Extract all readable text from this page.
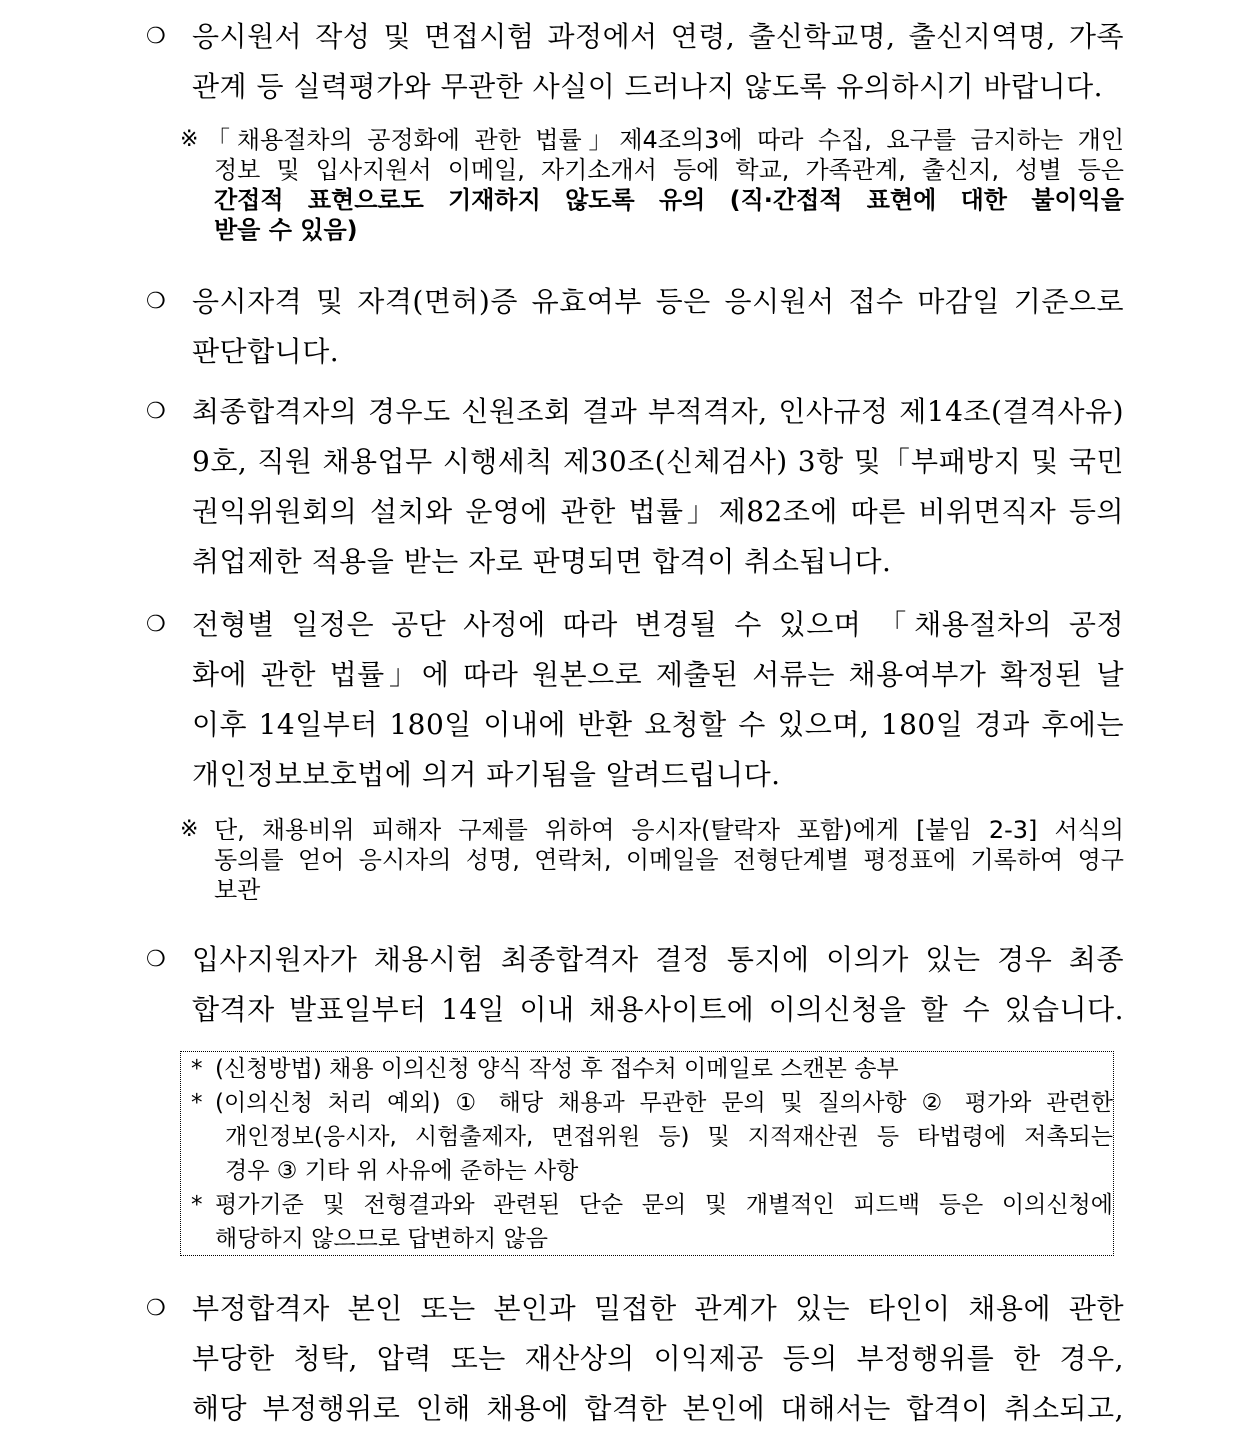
❍ 응시원서 작성 및 면접시험 과정에서 연령, 출신학교명, 출신지역명, 가족
관계 등 실력평가와 무관한 사실이 드러나지 않도록 유의하시기 바랍니다.
※ 「채용절차의 공정화에 관한 법률」제4조의3에 따라 수집, 요구를 금지하는 개인
정보 및 입사지원서 이메일, 자기소개서 등에 학교, 가족관계, 출신지, 성별 등은
간접적 표현으로도 기재하지 않도록 유의 (직·간접적 표현에 대한 불이익을
받을 수 있음)
❍ 응시자격 및 자격(면허)증 유효여부 등은 응시원서 접수 마감일 기준으로
판단합니다.
❍ 최종합격자의 경우도 신원조회 결과 부적격자, 인사규정 제14조(결격사유)
9호, 직원 채용업무 시행세칙 제30조(신체검사) 3항 및「부패방지 및 국민
권익위원회의 설치와 운영에 관한 법률」제82조에 따른 비위면직자 등의
취업제한 적용을 받는 자로 판명되면 합격이 취소됩니다.
❍ 전형별 일정은 공단 사정에 따라 변경될 수 있으며 「채용절차의 공정
화에 관한 법률」에 따라 원본으로 제출된 서류는 채용여부가 확정된 날
이후 14일부터 180일 이내에 반환 요청할 수 있으며, 180일 경과 후에는
개인정보보호법에 의거 파기됨을 알려드립니다.
※ 단, 채용비위 피해자 구제를 위하여 응시자(탈락자 포함)에게 [붙임 2-3] 서식의
동의를 얻어 응시자의 성명, 연락처, 이메일을 전형단계별 평정표에 기록하여 영구
보관
❍ 입사지원자가 채용시험 최종합격자 결정 통지에 이의가 있는 경우 최종
합격자 발표일부터 14일 이내 채용사이트에 이의신청을 할 수 있습니다.
* (신청방법) 채용 이의신청 양식 작성 후 접수처 이메일로 스캔본 송부
* (이의신청 처리 예외) ① 해당 채용과 무관한 문의 및 질의사항 ② 평가와 관련한
개인정보(응시자, 시험출제자, 면접위원 등) 및 지적재산권 등 타법령에 저촉되는
경우 ③ 기타 위 사유에 준하는 사항
* 평가기준 및 전형결과와 관련된 단순 문의 및 개별적인 피드백 등은 이의신청에
해당하지 않으므로 답변하지 않음
❍ 부정합격자 본인 또는 본인과 밀접한 관계가 있는 타인이 채용에 관한
부당한 청탁, 압력 또는 재산상의 이익제공 등의 부정행위를 한 경우,
해당 부정행위로 인해 채용에 합격한 본인에 대해서는 합격이 취소되고,
